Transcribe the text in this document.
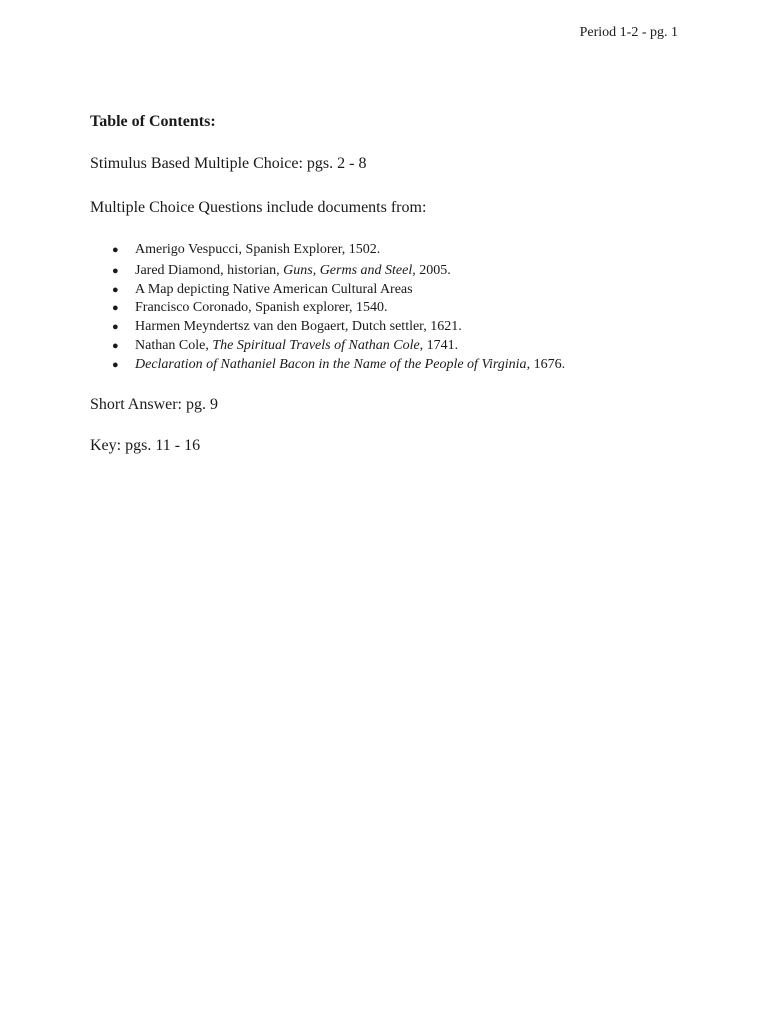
Period 1-2 - pg. 1
Table of Contents:
Stimulus Based Multiple Choice: pgs. 2 - 8
Multiple Choice Questions include documents from:
● Amerigo Vespucci, Spanish Explorer, 1502.
● Jared Diamond, historian, Guns, Germs and Steel, 2005.
● A Map depicting Native American Cultural Areas
● Francisco Coronado, Spanish explorer, 1540.
● Harmen Meyndertsz van den Bogaert, Dutch settler, 1621.
● Nathan Cole, The Spiritual Travels of Nathan Cole, 1741.
● Declaration of Nathaniel Bacon in the Name of the People of Virginia, 1676.
Short Answer: pg. 9
Key: pgs. 11 - 16
